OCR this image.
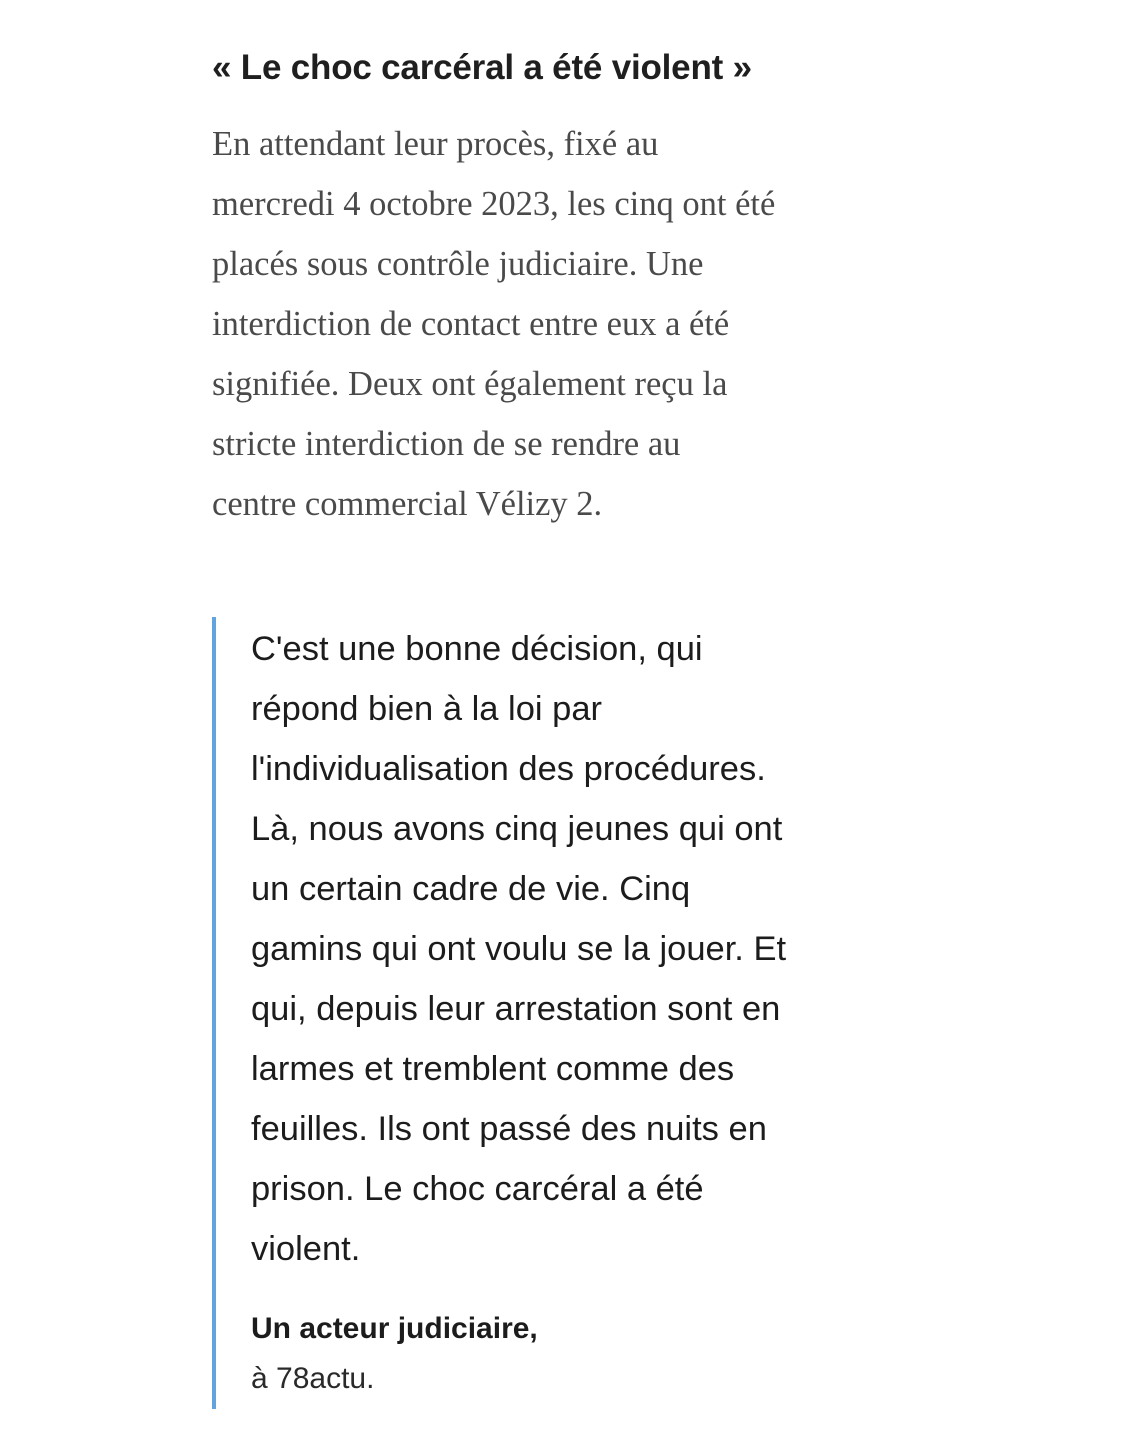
« Le choc carcéral a été violent »

En attendant leur procès, fixé au
mercredi 4 octobre 2023, les cinq ont été
placés sous contrôle judiciaire. Une
interdiction de contact entre eux a été
signifiée. Deux ont également reçu la
stricte interdiction de se rendre au
centre commercial Vélizy 2.

C'est une bonne décision, qui
répond bien à la loi par
l'individualisation des procédures.
Là, nous avons cinq jeunes qui ont
un certain cadre de vie. Cinq
gamins qui ont voulu se la jouer. Et
qui, depuis leur arrestation sont en
larmes et tremblent comme des
feuilles. Ils ont passé des nuits en
prison. Le choc carcéral a été
violent.

Un acteur judiciaire,
à 78actu.
